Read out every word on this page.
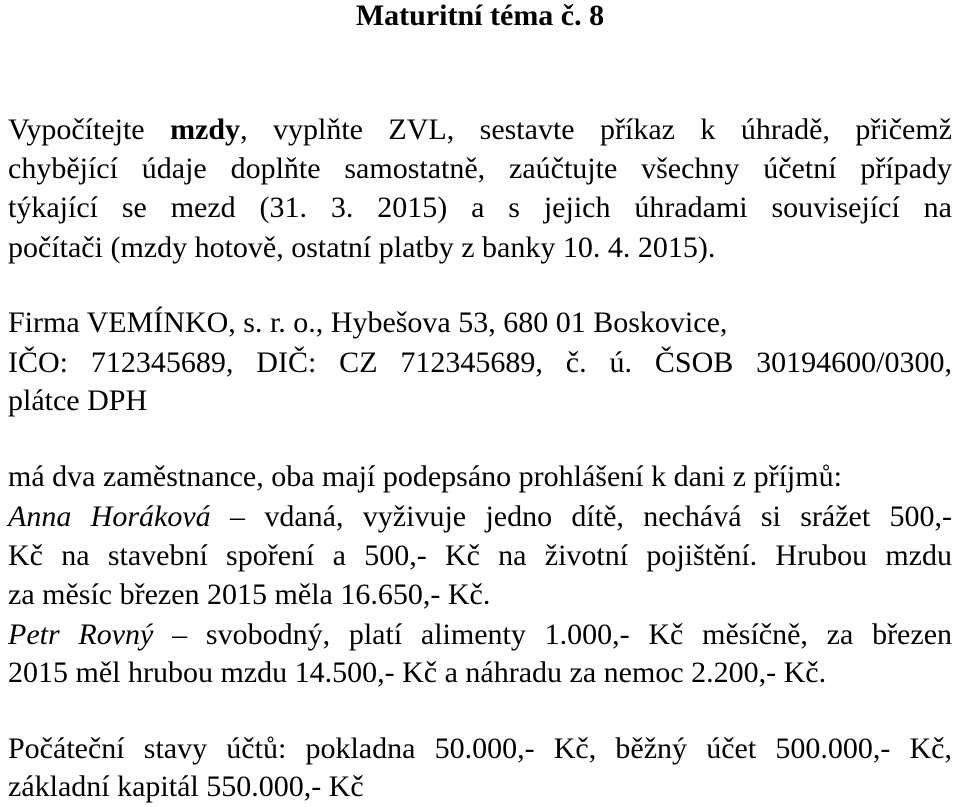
Maturitní téma č. 8
Vypočítejte mzdy, vyplňte ZVL, sestavte příkaz k úhradě, přičemž
chybějící údaje doplňte samostatně, zaúčtujte všechny účetní případy
týkající se mezd (31. 3. 2015) a s jejich úhradami související na
počítači (mzdy hotově, ostatní platby z banky 10. 4. 2015).
Firma VEMÍNKO, s. r. o., Hybešova 53, 680 01 Boskovice,
IČO: 712345689, DIČ: CZ 712345689, č. ú. ČSOB 30194600/0300,
plátce DPH
má dva zaměstnance, oba mají podepsáno prohlášení k dani z příjmů:
Anna Horáková – vdaná, vyživuje jedno dítě, nechává si srážet 500,-
Kč na stavební spoření a 500,- Kč na životní pojištění. Hrubou mzdu
za měsíc březen 2015 měla 16.650,- Kč.
Petr Rovný – svobodný, platí alimenty 1.000,- Kč měsíčně, za březen
2015 měl hrubou mzdu 14.500,- Kč a náhradu za nemoc 2.200,- Kč.
Počáteční stavy účtů: pokladna 50.000,- Kč, běžný účet 500.000,- Kč,
základní kapitál 550.000,- Kč
